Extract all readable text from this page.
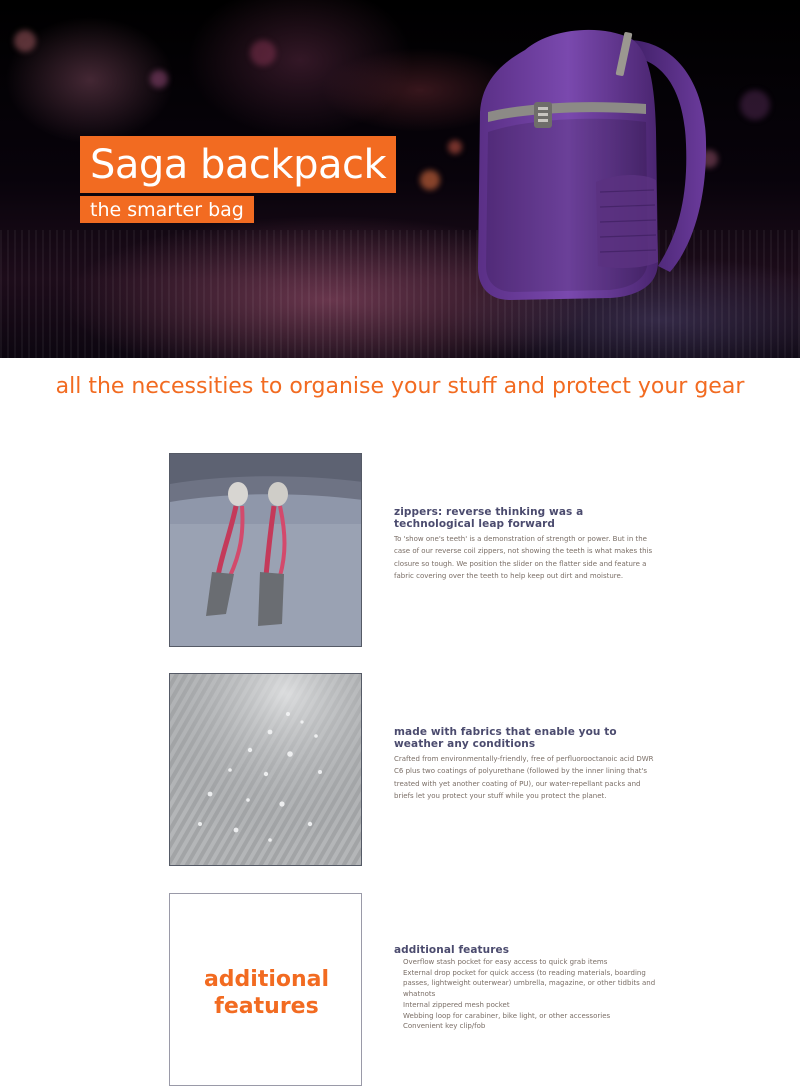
Saga backpack
the smarter bag
all the necessities to organise your stuff and protect your gear
zippers: reverse thinking was a
technological leap forward

To 'show one's teeth' is a demonstration of strength or power. But in the case of our reverse coil zippers, not showing the teeth is what makes this closure so tough. We position the slider on the flatter side and feature a fabric covering over the teeth to help keep out dirt and moisture.

made with fabrics that enable you to
weather any conditions

Crafted from environmentally-friendly, free of perfluorooctanoic acid DWR C6 plus two coatings of polyurethane (followed by the inner lining that's treated with yet another coating of PU), our water-repellant packs and briefs let you protect your stuff while you protect the planet.

additional
features
additional features
Overflow stash pocket for easy access to quick grab items
External drop pocket for quick access (to reading materials, boarding passes, lightweight outerwear) umbrella, magazine, or other tidbits and whatnots
Internal zippered mesh pocket
Webbing loop for carabiner, bike light, or other accessories
Convenient key clip/fob
